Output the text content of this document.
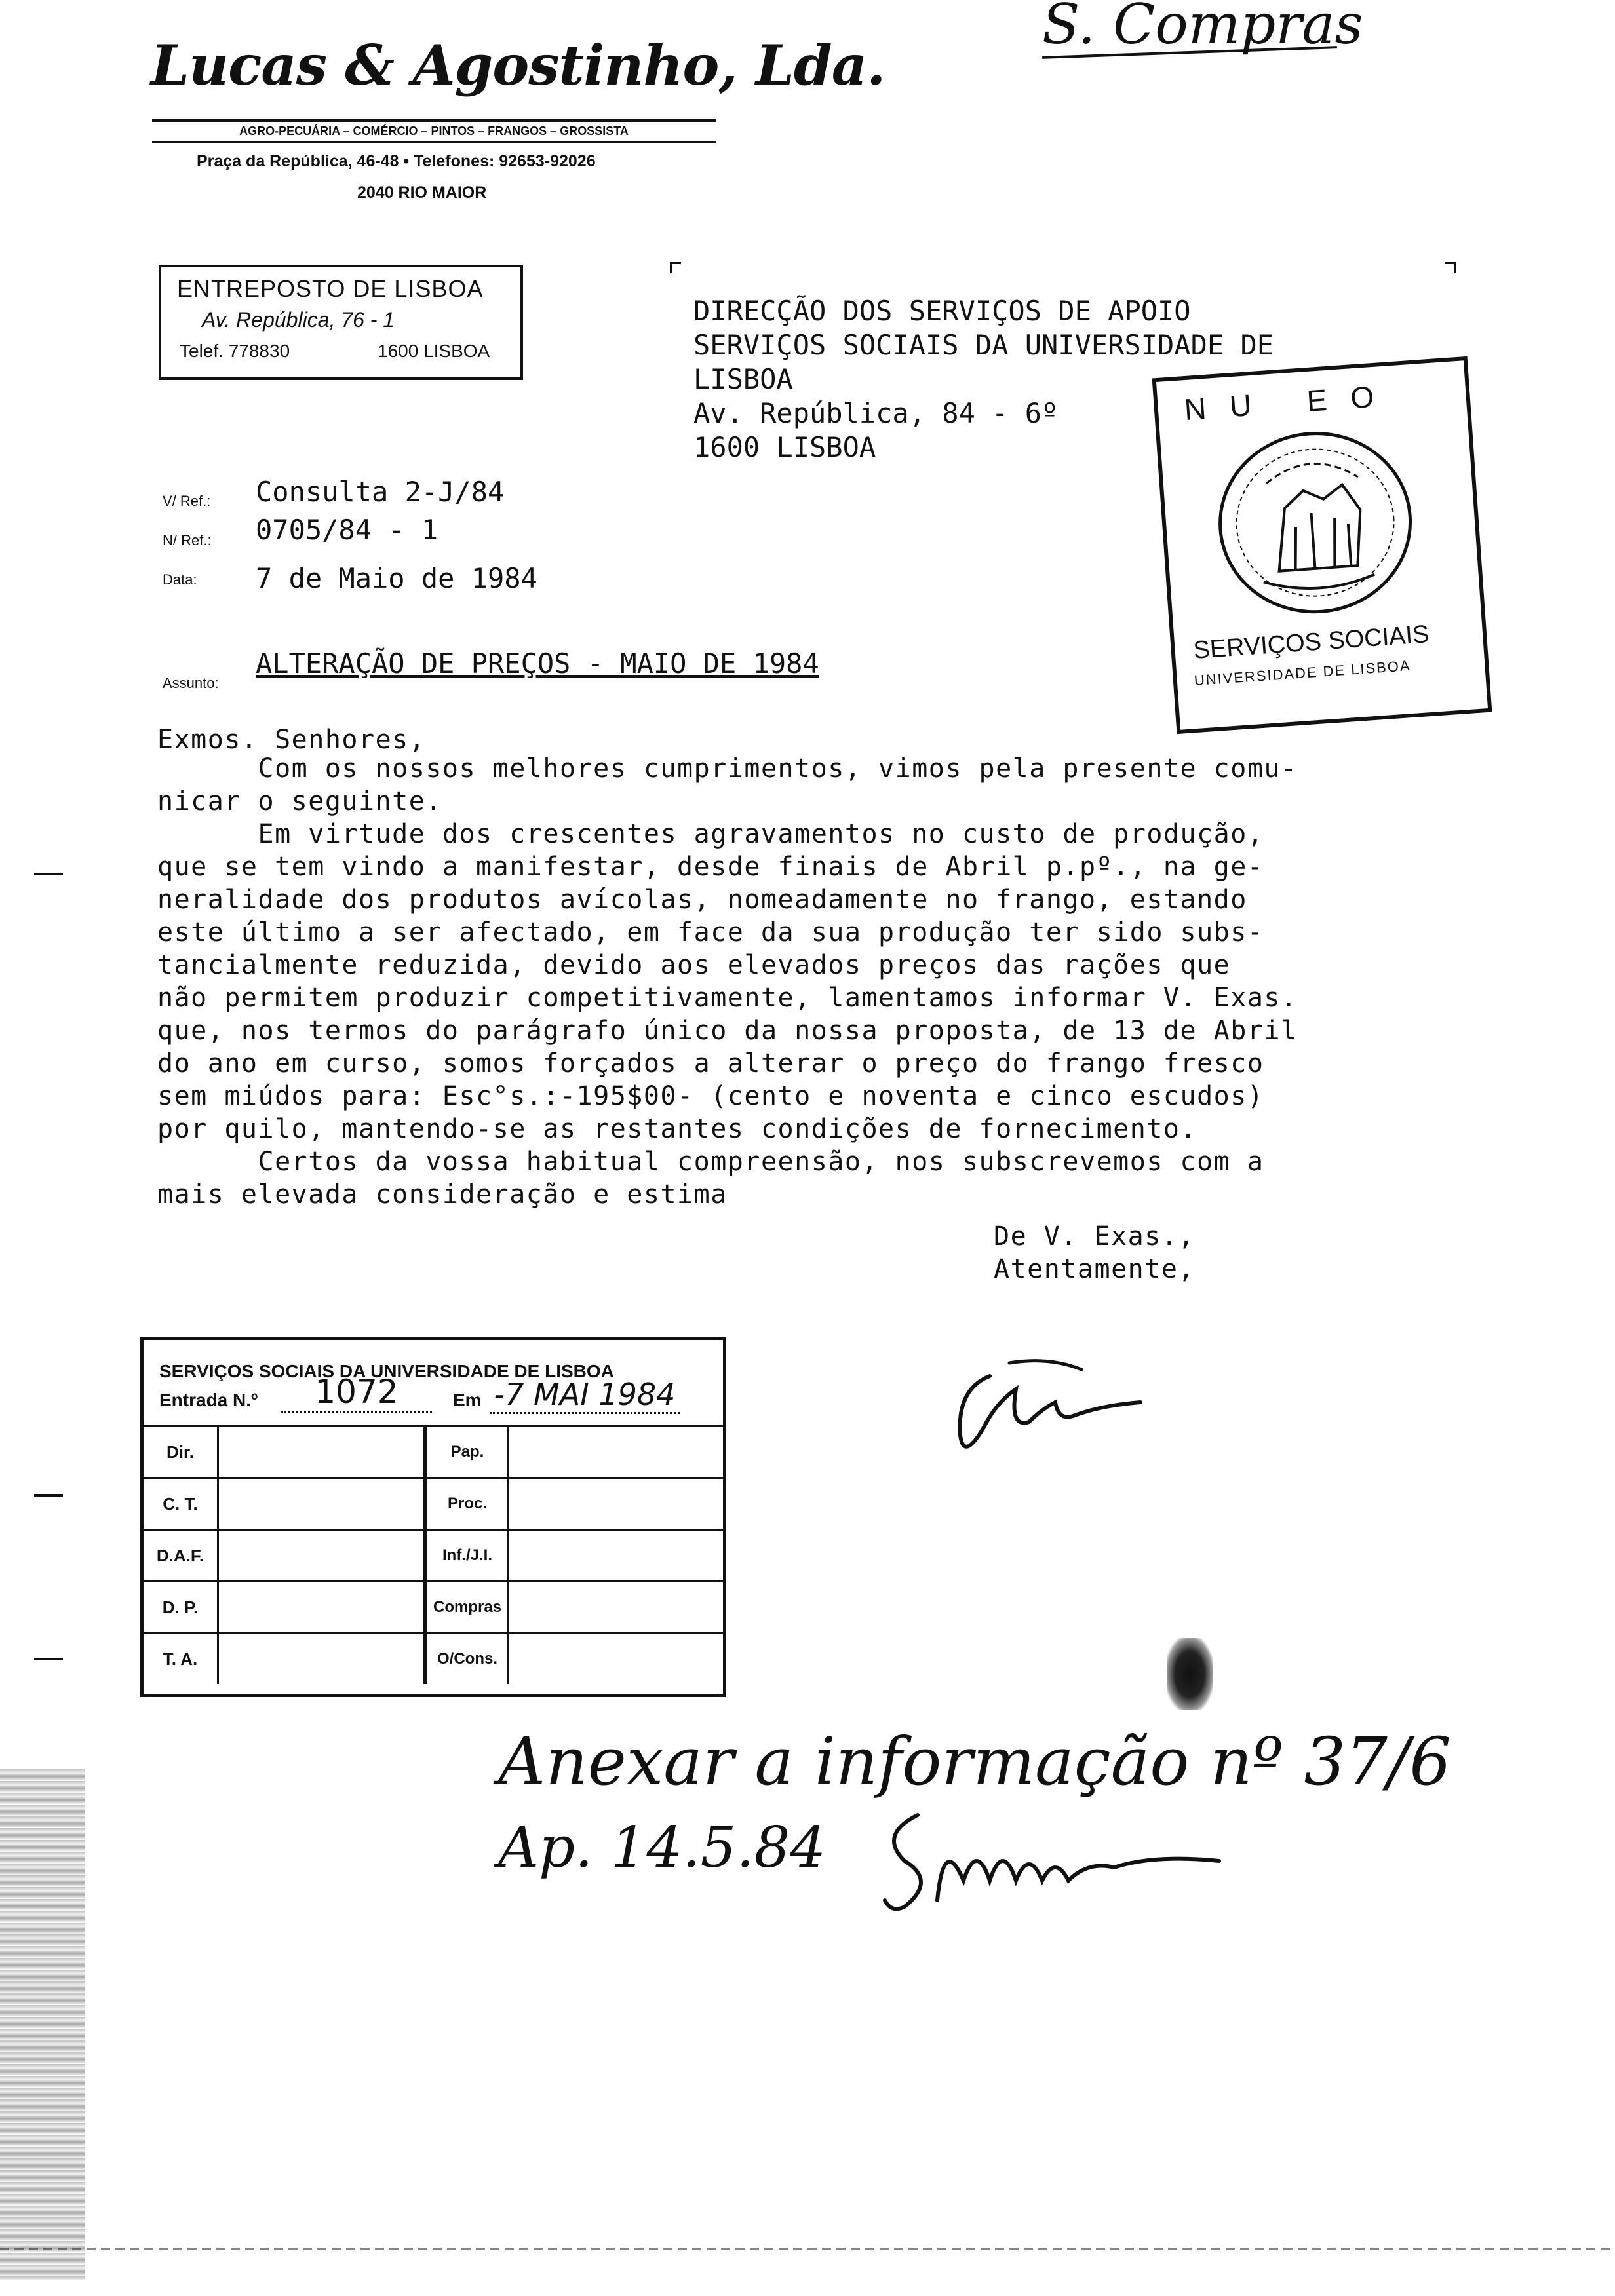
S. Compras
Lucas & Agostinho, Lda.
AGRO-PECUÁRIA – COMÉRCIO – PINTOS – FRANGOS – GROSSISTA
Praça da República, 46-48 • Telefones: 92653-92026
2040 RIO MAIOR
ENTREPOSTO DE LISBOA
Av. República, 76 - 1
Telef. 778830	1600 LISBOA
DIRECÇÃO DOS SERVIÇOS DE APOIO
SERVIÇOS SOCIAIS DA UNIVERSIDADE DE
LISBOA
Av. República, 84 - 6º
1600 LISBOA
NU EO
SERVIÇOS SOCIAIS
UNIVERSIDADE DE LISBOA
V/ Ref.: Consulta 2-J/84
N/ Ref.: 0705/84 - 1
Data: 7 de Maio de 1984
Assunto:
ALTERAÇÃO DE PREÇOS - MAIO DE 1984
Exmos. Senhores,
Com os nossos melhores cumprimentos, vimos pela presente comu-
nicar o seguinte.
Em virtude dos crescentes agravamentos no custo de produção,
que se tem vindo a manifestar, desde finais de Abril p.pº., na ge-
neralidade dos produtos avícolas, nomeadamente no frango, estando
este último a ser afectado, em face da sua produção ter sido subs-
tancialmente reduzida, devido aos elevados preços das rações que
não permitem produzir competitivamente, lamentamos informar V. Exas.
que, nos termos do parágrafo único da nossa proposta, de 13 de Abril
do ano em curso, somos forçados a alterar o preço do frango fresco
sem miúdos para: Esc°s.:-195$00- (cento e noventa e cinco escudos)
por quilo, mantendo-se as restantes condições de fornecimento.
Certos da vossa habitual compreensão, nos subscrevemos com a
mais elevada consideração e estima
De V. Exas.,
Atentamente,
SERVIÇOS SOCIAIS DA UNIVERSIDADE DE LISBOA
Entrada N.º	1072	Em -7 MAI 1984
Dir.		Pap.	
C. T.		Proc.	
D.A.F.		Inf./J.I.	
D. P.		Compras	
T. A.		O/Cons.	
Anexar a informação nº 37/6
Ap. 14.5.84
